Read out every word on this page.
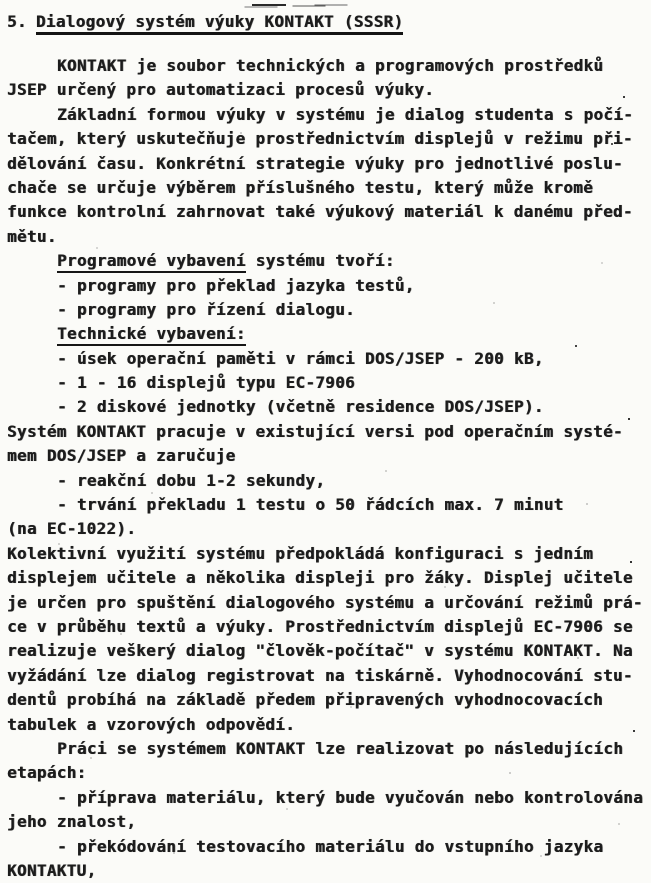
5. Dialogový systém výuky KONTAKT (SSSR)
KONTAKT je soubor technických a programových prostředků
JSEP určený pro automatizaci procesů výuky.
Základní formou výuky v systému je dialog studenta s počí-
tačem, který uskutečňuje prostřednictvím displejů v režimu při-
dělování času. Konkrétní strategie výuky pro jednotlivé poslu-
chače se určuje výběrem příslušného testu, který může kromě
funkce kontrolní zahrnovat také výukový materiál k danému před-
mětu.
Programové vybavení systému tvoří:
- programy pro překlad jazyka testů,
- programy pro řízení dialogu.
Technické vybavení:
- úsek operační paměti v rámci DOS/JSEP - 200 kB,
- 1 - 16 displejů typu EC-7906
- 2 diskové jednotky (včetně residence DOS/JSEP).
Systém KONTAKT pracuje v existující versi pod operačním systé-
mem DOS/JSEP a zaručuje
- reakční dobu 1-2 sekundy,
- trvání překladu 1 testu o 50 řádcích max. 7 minut
(na EC-1022).
Kolektivní využití systému předpokládá konfiguraci s jedním
displejem učitele a několika displeji pro žáky. Displej učitele
je určen pro spuštění dialogového systému a určování režimů prá-
ce v průběhu textů a výuky. Prostřednictvím displejů EC-7906 se
realizuje veškerý dialog "člověk-počítač" v systému KONTAKT. Na
vyžádání lze dialog registrovat na tiskárně. Vyhodnocování stu-
dentů probíhá na základě předem připravených vyhodnocovacích
tabulek a vzorových odpovědí.
Práci se systémem KONTAKT lze realizovat po následujících
etapách:
- příprava materiálu, který bude vyučován nebo kontrolována
jeho znalost,
- překódování testovacího materiálu do vstupního jazyka
KONTAKTU,
